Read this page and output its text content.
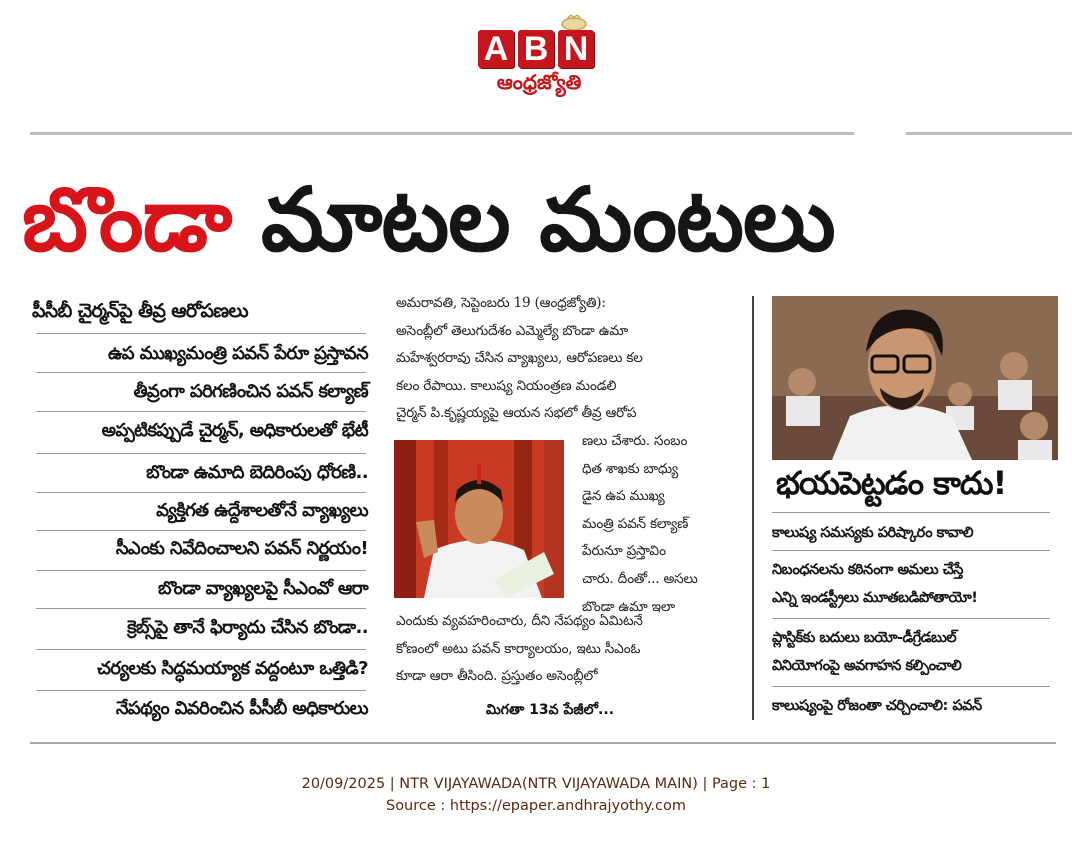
A B N
ఆంధ్రజ్యోతి
బొండా మాటల మంటలు
పీసీబీ చైర్మన్‌పై తీవ్ర ఆరోపణలు
ఉప ముఖ్యమంత్రి పవన్ పేరూ ప్రస్తావన
తీవ్రంగా పరిగణించిన పవన్ కల్యాణ్
అప్పటికప్పుడే చైర్మన్, అధికారులతో భేటీ
బొండా ఉమాది బెదిరింపు ధోరణి..
వ్యక్తిగత ఉద్దేశాలతోనే వ్యాఖ్యలు
సీఎంకు నివేదించాలని పవన్ నిర్ణయం!
బొండా వ్యాఖ్యలపై సీఎంవో ఆరా
క్రెబ్స్‌పై తానే ఫిర్యాదు చేసిన బొండా..
చర్యలకు సిద్ధమయ్యాక వద్దంటూ ఒత్తిడి?
నేపథ్యం వివరించిన పీసీబీ అధికారులు
అమరావతి, సెప్టెంబరు 19 (ఆంధ్రజ్యోతి):
అసెంబ్లీలో తెలుగుదేశం ఎమ్మెల్యే బొండా ఉమా
మహేశ్వరరావు చేసిన వ్యాఖ్యలు, ఆరోపణలు కల
కలం రేపాయి. కాలుష్య నియంత్రణ మండలి
చైర్మన్ పి.కృష్ణయ్యపై ఆయన సభలో తీవ్ర ఆరోప
ణలు చేశారు. సంబం
ధిత శాఖకు బాధ్యు
డైన ఉప ముఖ్య
మంత్రి పవన్ కల్యాణ్
పేరునూ ప్రస్తావిం
చారు. దీంతో... అసలు
బొండా ఉమా ఇలా
ఎందుకు వ్యవహరించారు, దీని నేపథ్యం ఏమిటనే
కోణంలో అటు పవన్ కార్యాలయం, ఇటు సీఎంఓ
కూడా ఆరా తీసింది. ప్రస్తుతం అసెంబ్లీలో
మిగతా 13వ పేజీలో...
భయపెట్టడం కాదు!
కాలుష్య సమస్యకు పరిష్కారం కావాలి
నిబంధనలను కఠినంగా అమలు చేస్తే
ఎన్ని ఇండస్ట్రీలు మూతబడిపోతాయో!
ప్లాస్టిక్‌కు బదులు బయో-డీగ్రేడబుల్
వినియోగంపై అవగాహన కల్పించాలి
కాలుష్యంపై రోజంతా చర్చించాలి: పవన్
20/09/2025 | NTR VIJAYAWADA(NTR VIJAYAWADA MAIN) | Page : 1
Source : https://epaper.andhrajyothy.com
